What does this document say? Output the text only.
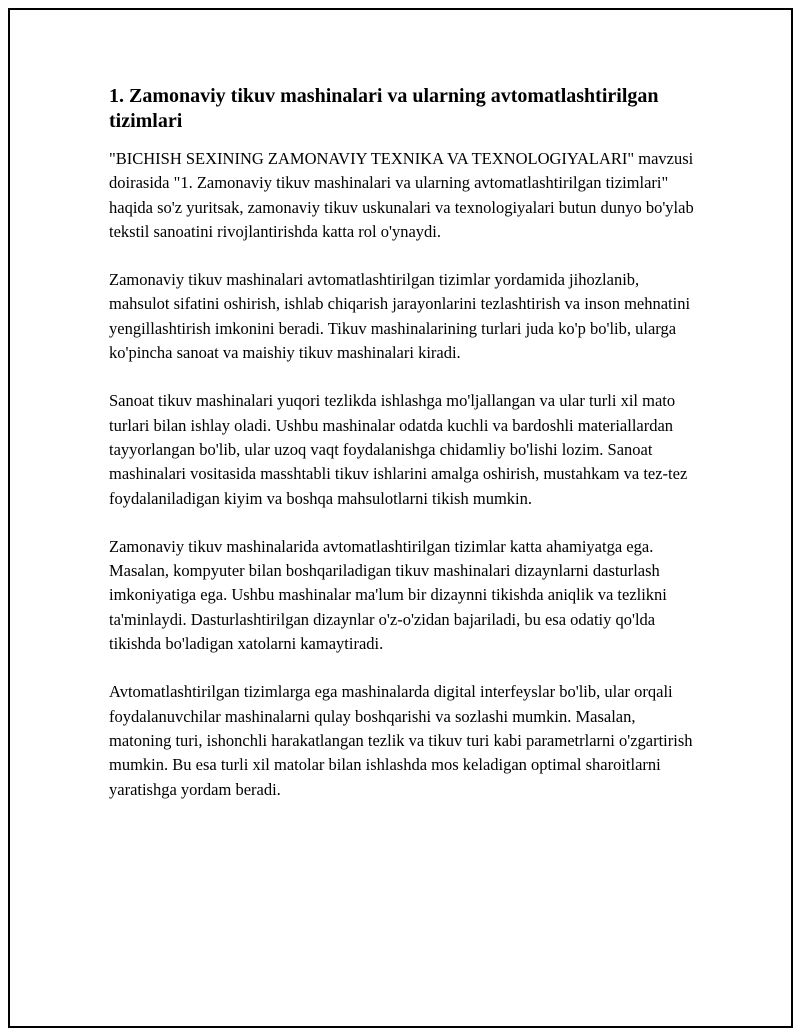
1. Zamonaviy tikuv mashinalari va ularning avtomatlashtirilgan tizimlari

"BICHISH SEXINING ZAMONAVIY TEXNIKA VA TEXNOLOGIYALARI" mavzusi doirasida "1. Zamonaviy tikuv mashinalari va ularning avtomatlashtirilgan tizimlari" haqida so'z yuritsak, zamonaviy tikuv uskunalari va texnologiyalari butun dunyo bo'ylab tekstil sanoatini rivojlantirishda katta rol o'ynaydi.

Zamonaviy tikuv mashinalari avtomatlashtirilgan tizimlar yordamida jihozlanib, mahsulot sifatini oshirish, ishlab chiqarish jarayonlarini tezlashtirish va inson mehnatini yengillashtirish imkonini beradi. Tikuv mashinalarining turlari juda ko'p bo'lib, ularga ko'pincha sanoat va maishiy tikuv mashinalari kiradi.

Sanoat tikuv mashinalari yuqori tezlikda ishlashga mo'ljallangan va ular turli xil mato turlari bilan ishlay oladi. Ushbu mashinalar odatda kuchli va bardoshli materiallardan tayyorlangan bo'lib, ular uzoq vaqt foydalanishga chidamliy bo'lishi lozim. Sanoat mashinalari vositasida masshtabli tikuv ishlarini amalga oshirish, mustahkam va tez-tez foydalaniladigan kiyim va boshqa mahsulotlarni tikish mumkin.

Zamonaviy tikuv mashinalarida avtomatlashtirilgan tizimlar katta ahamiyatga ega. Masalan, kompyuter bilan boshqariladigan tikuv mashinalari dizaynlarni dasturlash imkoniyatiga ega. Ushbu mashinalar ma'lum bir dizaynni tikishda aniqlik va tezlikni ta'minlaydi. Dasturlashtirilgan dizaynlar o'z-o'zidan bajariladi, bu esa odatiy qo'lda tikishda bo'ladigan xatolarni kamaytiradi.

Avtomatlashtirilgan tizimlarga ega mashinalarda digital interfeyslar bo'lib, ular orqali foydalanuvchilar mashinalarni qulay boshqarishi va sozlashi mumkin. Masalan, matoning turi, ishonchli harakatlangan tezlik va tikuv turi kabi parametrlarni o'zgartirish mumkin. Bu esa turli xil matolar bilan ishlashda mos keladigan optimal sharoitlarni yaratishga yordam beradi.
